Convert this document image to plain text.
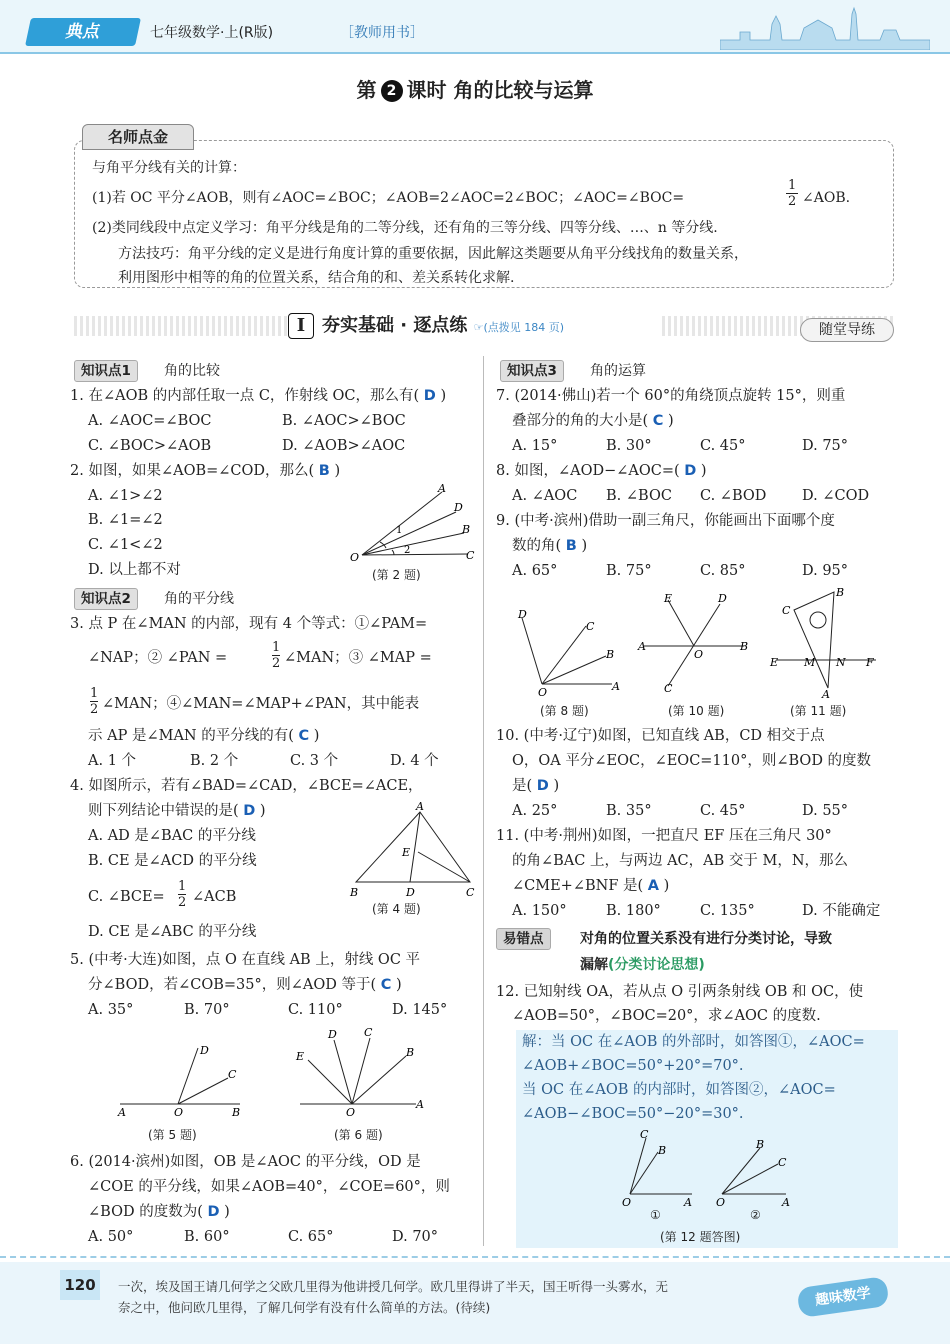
典点	七年级数学·上(R版)	［教师用书］
第 2 课时 角的比较与运算
名师点金
与角平分线有关的计算：
(1)若 OC 平分∠AOB，则有∠AOC=∠BOC；∠AOB=2∠AOC=2∠BOC；∠AOC=∠BOC=
1
2 ∠AOB.
(2)类同线段中点定义学习：角平分线是角的二等分线，还有角的三等分线、四等分线、…、n 等分线.
方法技巧：角平分线的定义是进行角度计算的重要依据，因此解这类题要从角平分线找角的数量关系，
利用图形中相等的角的位置关系，结合角的和、差关系转化求解.
Ⅰ 夯实基础 · 逐点练 ☞(点拨见 184 页)	随堂导练
知识点1	角的比较
1. 在∠AOB 的内部任取一点 C，作射线 OC，那么有( D )
A. ∠AOC=∠BOC	B. ∠AOC>∠BOC
C. ∠BOC>∠AOB	D. ∠AOB>∠AOC
2. 如图，如果∠AOB=∠COD，那么( B )
A. ∠1>∠2
B. ∠1=∠2
C. ∠1<∠2
D. 以上都不对
A
D
B
C
O
1
2
(第 2 题)
知识点2	角的平分线
3. 点 P 在∠MAN 的内部，现有 4 个等式：①∠PAM=
∠NAP；② ∠PAN =
1
2 ∠MAN；③ ∠MAP =
1
2 ∠MAN；④∠MAN=∠MAP+∠PAN，其中能表
示 AP 是∠MAN 的平分线的有( C )
A. 1 个	B. 2 个	C. 3 个	D. 4 个
4. 如图所示，若有∠BAD=∠CAD，∠BCE=∠ACE，
则下列结论中错误的是( D )
A. AD 是∠BAC 的平分线
B. CE 是∠ACD 的平分线
C. ∠BCE=
1
2 ∠ACB
D. CE 是∠ABC 的平分线
A
B	D	C
E
(第 4 题)
5. (中考·大连)如图，点 O 在直线 AB 上，射线 OC 平
分∠BOD，若∠COB=35°，则∠AOD 等于( C )
A. 35°	B. 70°	C. 110°	D. 145°
A	O	B
D
C
(第 5 题)
D C
E	B
A
O
(第 6 题)
6. (2014·滨州)如图，OB 是∠AOC 的平分线，OD 是
∠COE 的平分线，如果∠AOB=40°，∠COE=60°，则
∠BOD 的度数为( D )
A. 50°	B. 60°	C. 65°	D. 70°
知识点3	角的运算
7. (2014·佛山)若一个 60°的角绕顶点旋转 15°，则重
叠部分的角的大小是( C )
A. 15°	B. 30°	C. 45°	D. 75°
8. 如图，∠AOD−∠AOC=( D )
A. ∠AOC B. ∠BOC C. ∠BOD D. ∠COD
9. (中考·滨州)借助一副三角尺，你能画出下面哪个度
数的角( B )
A. 65°	B. 75°	C. 85°	D. 95°
D
C
B
A
O
(第 8 题)
E	D
A	B
O
C
(第 10 题)
B
C
E M N F
A
(第 11 题)
10. (中考·辽宁)如图，已知直线 AB，CD 相交于点
O，OA 平分∠EOC，∠EOC=110°，则∠BOD 的度数
是( D )
A. 25°	B. 35°	C. 45°	D. 55°
11. (中考·荆州)如图，一把直尺 EF 压在三角尺 30°
的角∠BAC 上，与两边 AC，AB 交于 M，N，那么
∠CME+∠BNF 是( A )
A. 150°	B. 180°	C. 135°	D. 不能确定
易错点	对角的位置关系没有进行分类讨论，导致
漏解(分类讨论思想)
12. 已知射线 OA，若从点 O 引两条射线 OB 和 OC，使
∠AOB=50°，∠BOC=20°，求∠AOC 的度数.
解：当 OC 在∠AOB 的外部时，如答图①，∠AOC=
∠AOB+∠BOC=50°+20°=70°.
当 OC 在∠AOB 的内部时，如答图②，∠AOC=
∠AOB−∠BOC=50°−20°=30°.
C
B
O	A
B
C
O	A
①	②
(第 12 题答图)
120	一次，埃及国王请几何学之父欧几里得为他讲授几何学。欧几里得讲了半天，国王听得一头雾水，无
奈之中，他问欧几里得，了解几何学有没有什么简单的方法。(待续)	趣味数学
